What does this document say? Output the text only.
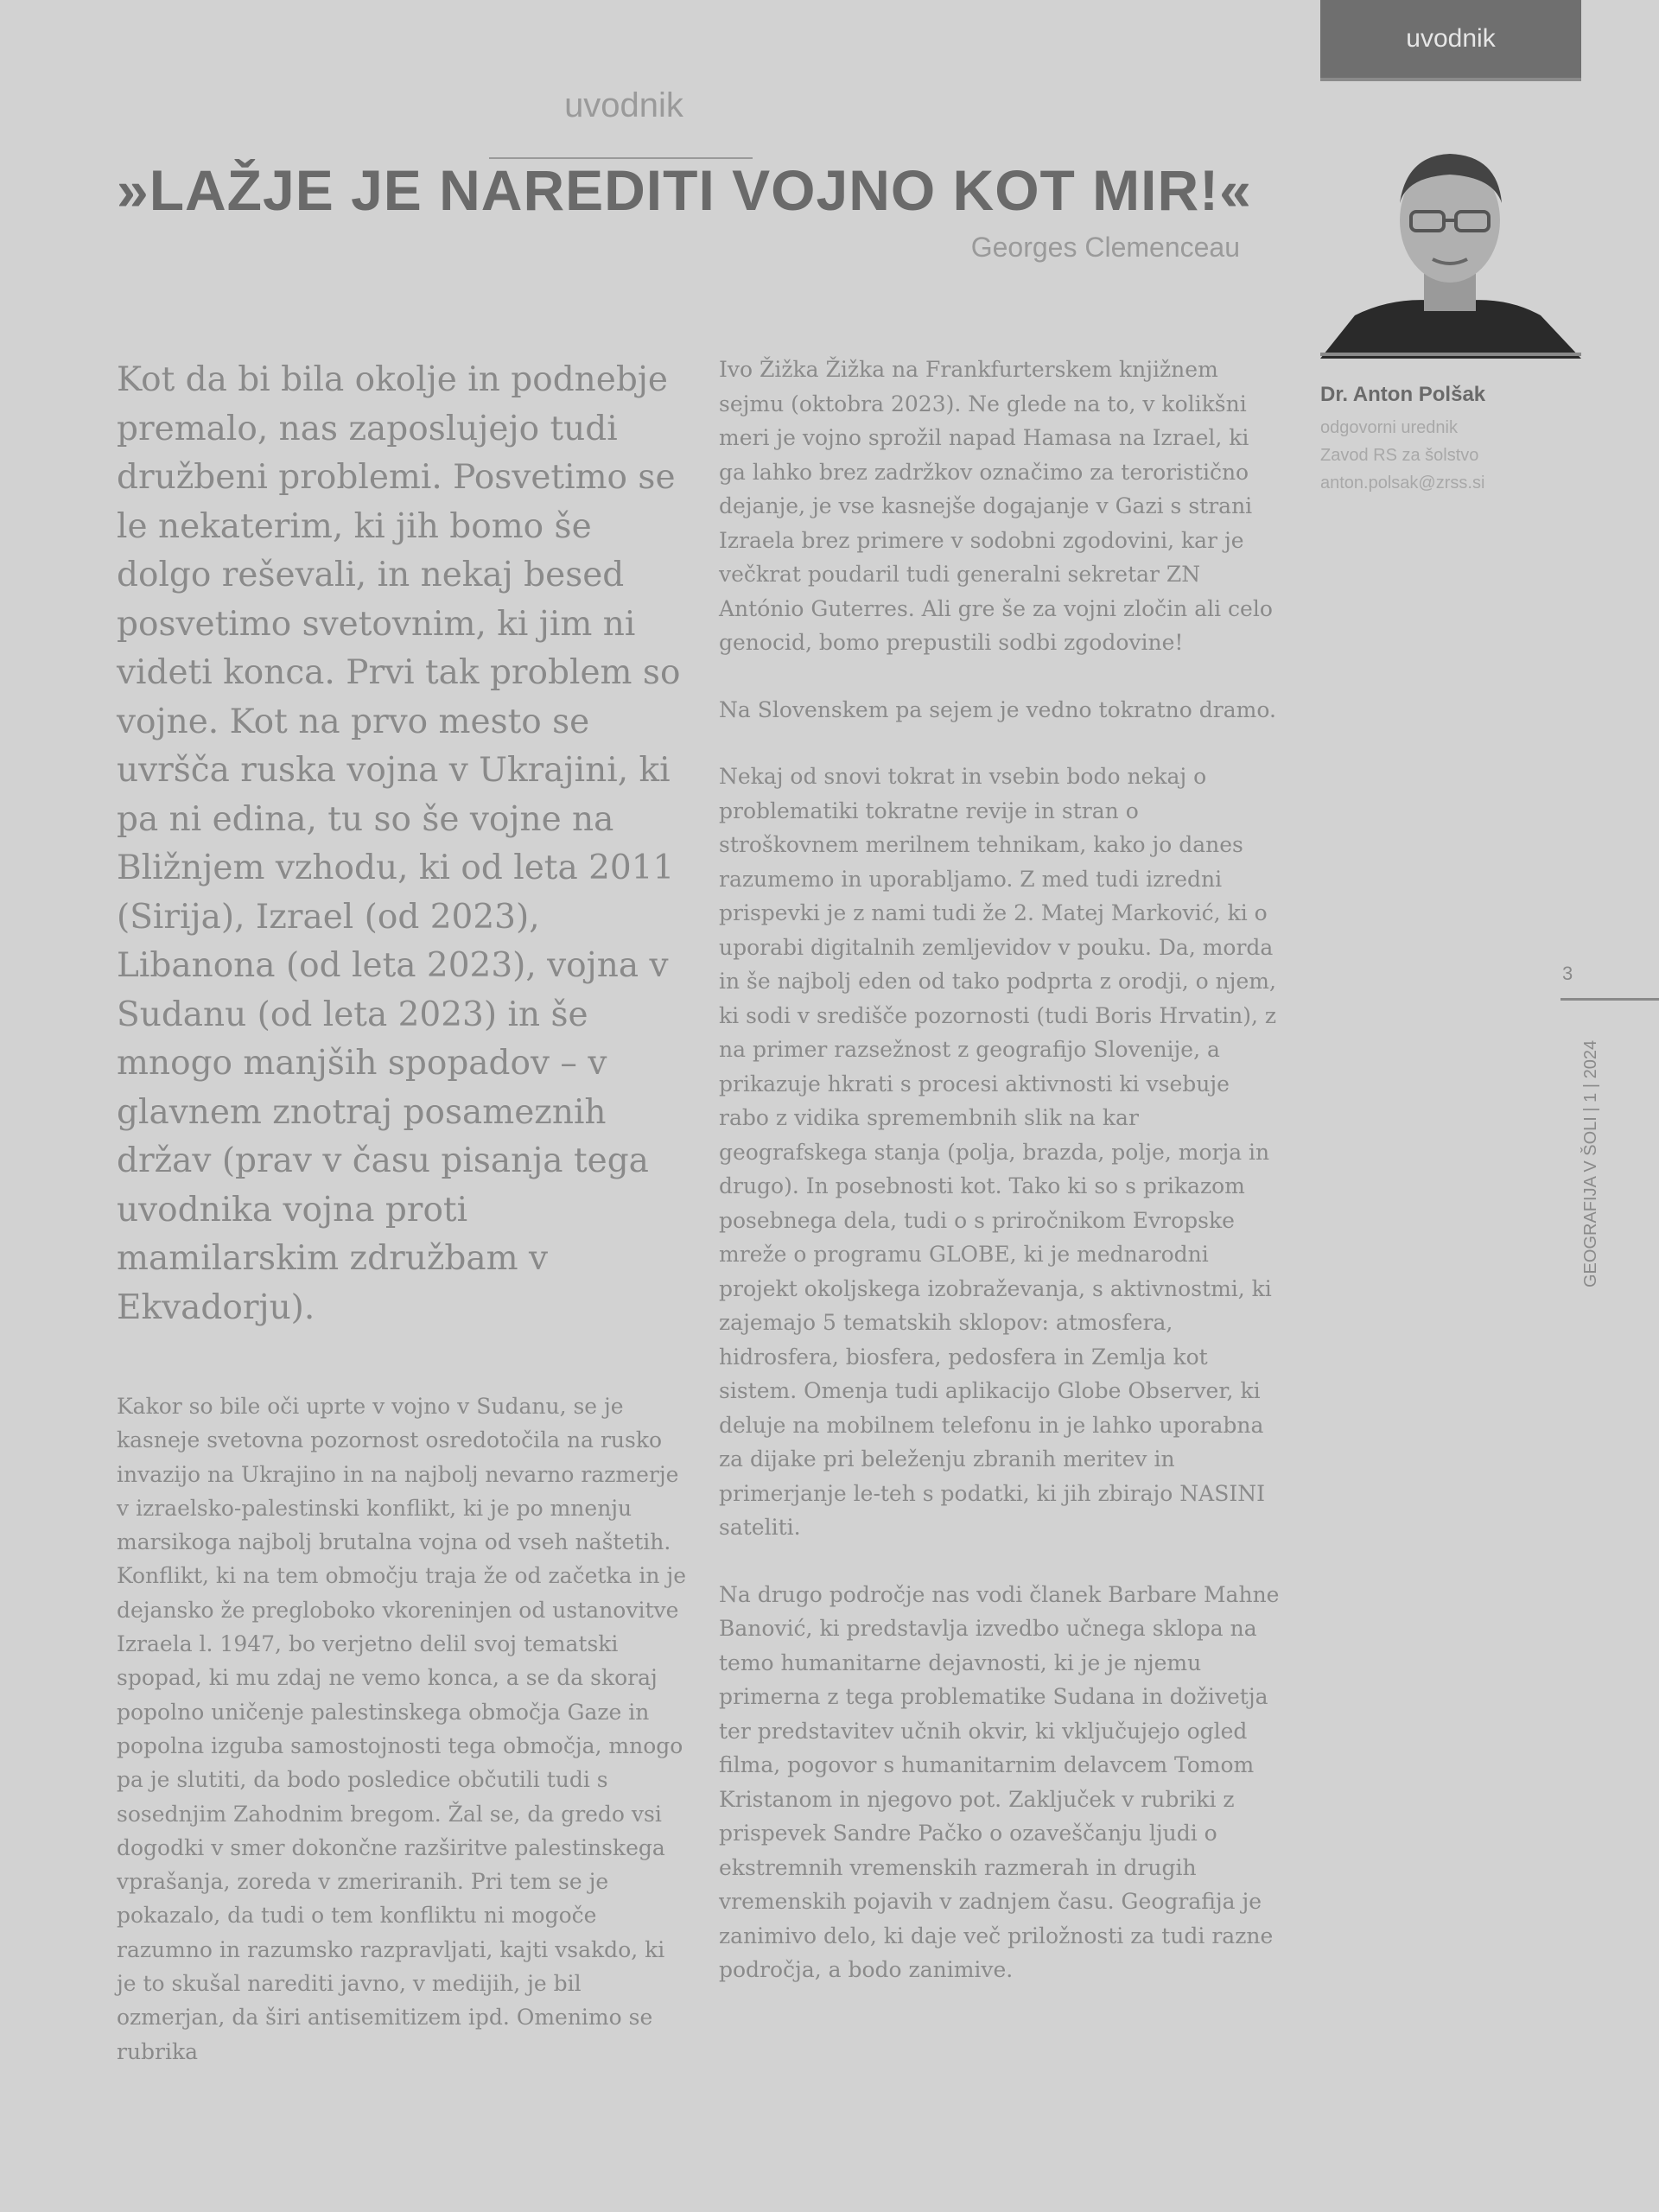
uvodnik
uvodnik
»LAŽJE JE NAREDITI VOJNO KOT MIR!«
Georges Clemenceau
Dr. Anton Polšak
odgovorni urednik
Zavod RS za šolstvo
anton.polsak@zrss.si

Kot da bi bila okolje in podnebje premalo, nas zaposlujejo tudi družbeni problemi. Posvetimo se le nekaterim, ki jih bomo še dolgo reševali, in nekaj besed posvetimo svetovnim, ki jim ni videti konca. Prvi tak problem so vojne. Kot na prvo mesto se uvršča ruska vojna v Ukrajini, ki pa ni edina, tu so še vojne na Bližnjem vzhodu, ki od leta 2011 (Sirija), Izrael (od 2023), Libanona (od leta 2023), vojna v Sudanu (od leta 2023) in še mnogo manjših spopadov – v glavnem znotraj posameznih držav (prav v času pisanja tega uvodnika vojna proti mamilarskim združbam v Ekvadorju).

Kakor so bile oči uprte v vojno v Sudanu, se je kasneje svetovna pozornost osredotočila na rusko invazijo na Ukrajino in na najbolj nevarno razmerje v izraelsko-palestinski konflikt, ki je po mnenju marsikoga najbolj brutalna vojna od vseh naštetih. Konflikt, ki na tem območju traja že od začetka in je dejansko že pregloboko vkoreninjen od ustanovitve Izraela l. 1947, bo verjetno delil svoj tematski spopad, ki mu zdaj ne vemo konca, a se da skoraj popolno uničenje palestinskega območja Gaze in popolna izguba samostojnosti tega območja, mnogo pa je slutiti, da bodo posledice občutili tudi s sosednjim Zahodnim bregom. Žal se, da gredo vsi dogodki v smer dokončne razširitve palestinskega vprašanja, zoreda v zmeriranih. Pri tem se je pokazalo, da tudi o tem konfliktu ni mogoče razumno in razumsko razpravljati, kajti vsakdo, ki je to skušal narediti javno, v medijih, je bil ozmerjan, da širi antisemitizem ipd. Omenimo se rubrika

Ivo Žižka Žižka na Frankfurterskem knjižnem sejmu (oktobra 2023). Ne glede na to, v kolikšni meri je vojno sprožil napad Hamasa na Izrael, ki ga lahko brez zadržkov označimo za teroristično dejanje, je vse kasnejše dogajanje v Gazi s strani Izraela brez primere v sodobni zgodovini, kar je večkrat poudaril tudi generalni sekretar ZN António Guterres. Ali gre še za vojni zločin ali celo genocid, bomo prepustili sodbi zgodovine!

Na Slovenskem pa sejem je vedno tokratno dramo.

Nekaj od snovi tokrat in vsebin bodo nekaj o problematiki tokratne revije in stran o stroškovnem merilnem tehnikam, kako jo danes razumemo in uporabljamo. Z med tudi izredni prispevki je z nami tudi že 2. Matej Marković, ki o uporabi digitalnih zemljevidov v pouku. Da, morda in še najbolj eden od tako podprta z orodji, o njem, ki sodi v središče pozornosti (tudi Boris Hrvatin), z na primer razsežnost z geografijo Slovenije, a prikazuje hkrati s procesi aktivnosti ki vsebuje rabo z vidika spremembnih slik na kar geografskega stanja (polja, brazda, polje, morja in drugo). In posebnosti kot. Tako ki so s prikazom posebnega dela, tudi o s priročnikom Evropske mreže o programu GLOBE, ki je mednarodni projekt okoljskega izobraževanja, s aktivnostmi, ki zajemajo 5 tematskih sklopov: atmosfera, hidrosfera, biosfera, pedosfera in Zemlja kot sistem. Omenja tudi aplikacijo Globe Observer, ki deluje na mobilnem telefonu in je lahko uporabna za dijake pri beleženju zbranih meritev in primerjanje le-teh s podatki, ki jih zbirajo NASINI sateliti.

Na drugo področje nas vodi članek Barbare Mahne Banović, ki predstavlja izvedbo učnega sklopa na temo humanitarne dejavnosti, ki je je njemu primerna z tega problematike Sudana in doživetja ter predstavitev učnih okvir, ki vključujejo ogled filma, pogovor s humanitarnim delavcem Tomom Kristanom in njegovo pot. Zaključek v rubriki z prispevek Sandre Pačko o ozaveščanju ljudi o ekstremnih vremenskih razmerah in drugih vremenskih pojavih v zadnjem času. Geografija je zanimivo delo, ki daje več priložnosti za tudi razne področja, a bodo zanimive.

3
GEOGRAFIJA V ŠOLI | 1 | 2024
